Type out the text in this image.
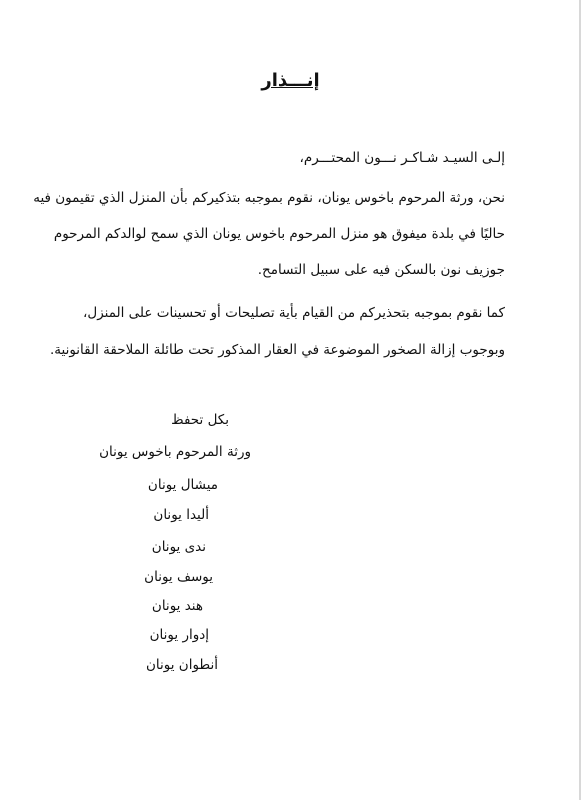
إنـــذار
إلـى السيـد شـاكـر نـــون المحتـــرم،
نحن، ورثة المرحوم باخوس يونان، نقوم بموجبه بتذكيركم بأن المنزل الذي تقيمون فيه
حاليًا في بلدة ميفوق هو منزل المرحوم باخوس يونان الذي سمح لوالدكم المرحوم
جوزيف نون بالسكن فيه على سبيل التسامح.
كما نقوم بموجبه بتحذيركم من القيام بأية تصليحات أو تحسينات على المنزل،
وبوجوب إزالة الصخور الموضوعة في العقار المذكور تحت طائلة الملاحقة القانونية.
بكل تحفظ
ورثة المرحوم باخوس يونان
ميشال يونان
أليدا يونان
ندى يونان
يوسف يونان
هند يونان
إدوار يونان
أنطوان يونان
